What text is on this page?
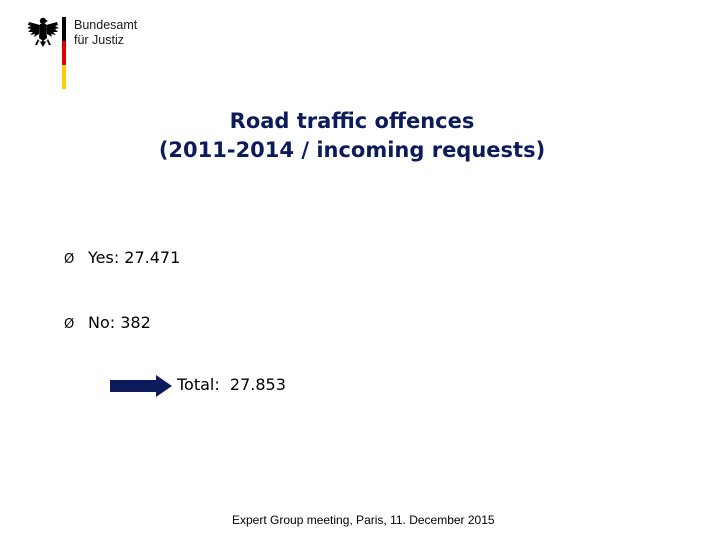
Bundesamt
für Justiz
Road traffic offences
(2011-2014 / incoming requests)
Ø Yes: 27.471
Ø No: 382
Total:  27.853
Expert Group meeting, Paris, 11. December 2015
